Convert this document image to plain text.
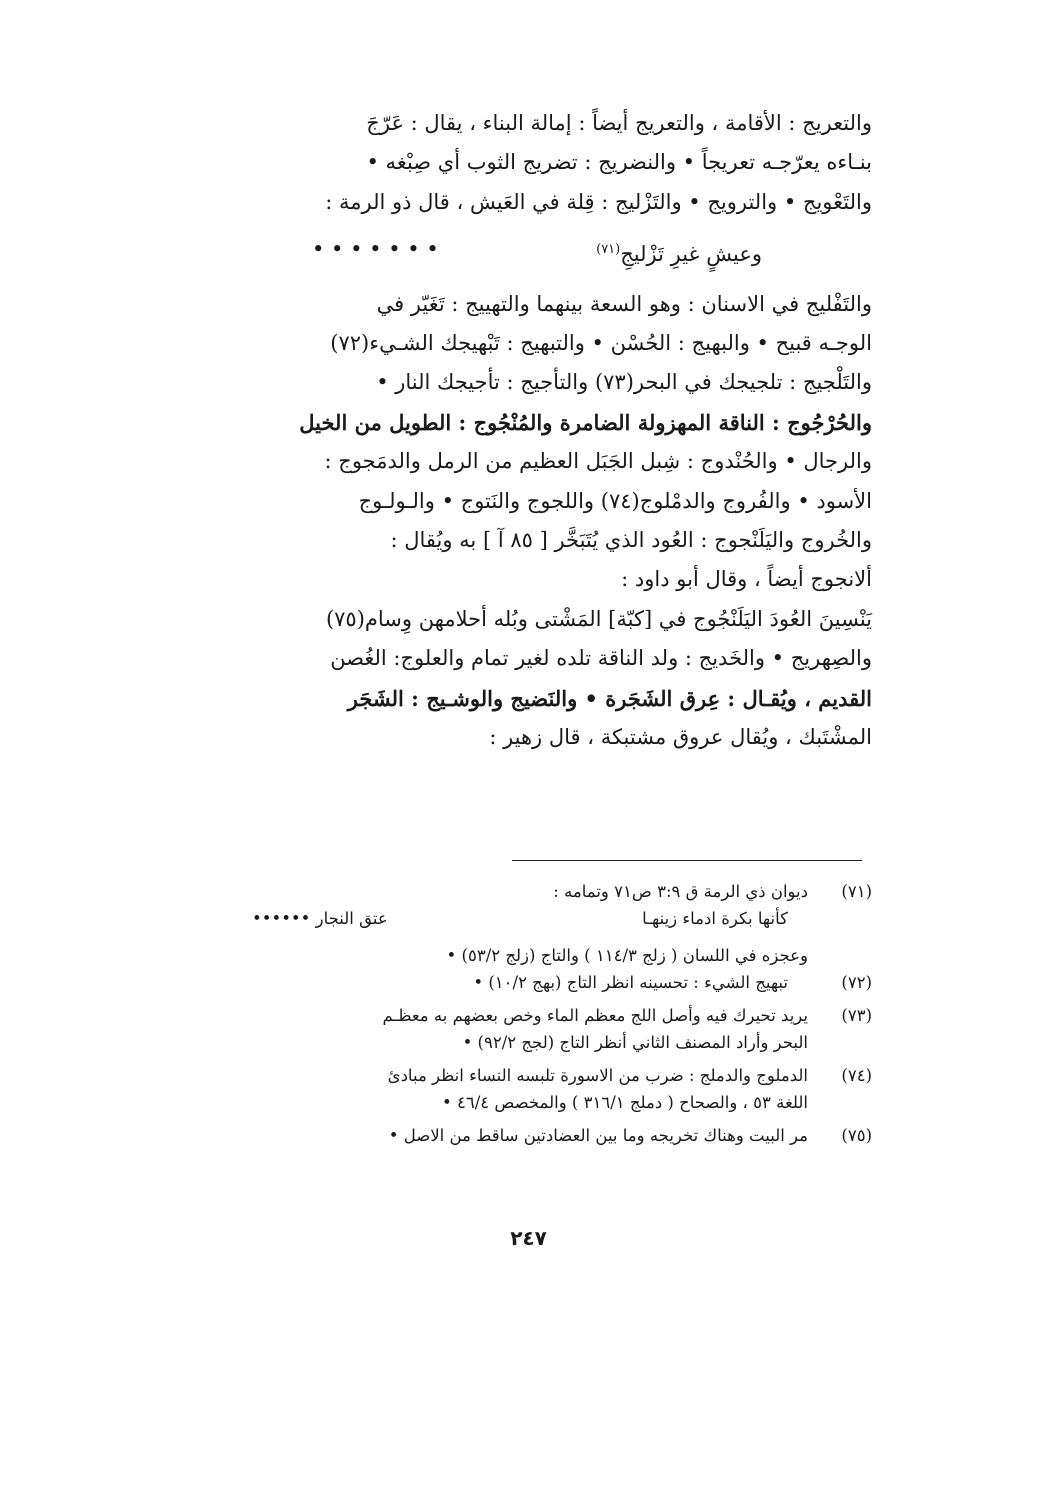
والتعريج : الأقامة ، والتعريج أيضاً : إمالة البناء ، يقال : عَرّجَ

بنـاءه يعرّجـه تعريجاً • والنضريج : تضريج الثوب أي صِبْغه •

والتَعْويج • والترويج • والتَزْليج : قِلة في العَيش ، قال ذو الرمة :

وعيشٍ غيرِ تَزْليجِ$^{(٧١)}$
• • • • • • •

والتَفْليج في الاسنان : وهو السعة بينهما والتهييج : تَغَيّر في

الوجـه قبيح • والبهيج : الحُسْن • والتبهيج : تَبْهيجك الشـيء(٧٢)

والتَلْجيج : تلجيجك في البحر(٧٣) والتأجيج : تأجيجك النار •

والحُرْجُوج : الناقة المهزولة الضامرة والمُنْجُوج : الطويل من الخيل

والرجال • والحُنْدوج : شِبل الجَبَل العظيم من الرمل والدمَجوج :

الأسود • والفُروج والدمْلوج(٧٤) واللجوج والنَتوج • والـولـوج

والخُروج واليَلَنْجوج : العُود الذي يُتَبَخَّر [ ٨٥ آ ] به ويُقال :

ألانجوج أيضاً ، وقال أبو داود :

يَنْسِينَ العُودَ اليَلَنْجُوج في [كبّة] المَشْتى وبُله أحلامهن وِسام(٧٥)

والصِهريج • والخَديج : ولد الناقة تلده لغير تمام والعلوج: الغُصن

القديم ، ويُقـال : عِرق الشَجَرة • والنَضيج والوشـيج : الشَجَر

المشْتَبك ، ويُقال عروق مشتبكة ، قال زهير :

(٧١)
ديوان ذي الرمة ق ٣:٩ ص٧١ وتمامه :
كأنها بكرة ادماء زينهـا
عتق النجار ••••••
وعجزه في اللسان ( زلج ١١٤/٣ ) والتاج (زلج ٥٣/٢) •
(٧٢)
تبهيج الشيء : تحسينه انظر التاج (بهج ١٠/٢) •
(٧٣)
يريد تحيرك فيه وأصل اللج معظم الماء وخص بعضهم به معظـم
البحر وأراد المصنف الثاني أنظر التاج (لجج ٩٢/٢) •
(٧٤)
الدملوج والدملج : ضرب من الاسورة تلبسه النساء انظر مبادئ
اللغة ٥٣ ، والصحاح ( دملج ٣١٦/١ ) والمخصص ٤٦/٤ •
(٧٥)
مر البيت وهناك تخريجه وما بين العضادتين ساقط من الاصل •
٢٤٧
